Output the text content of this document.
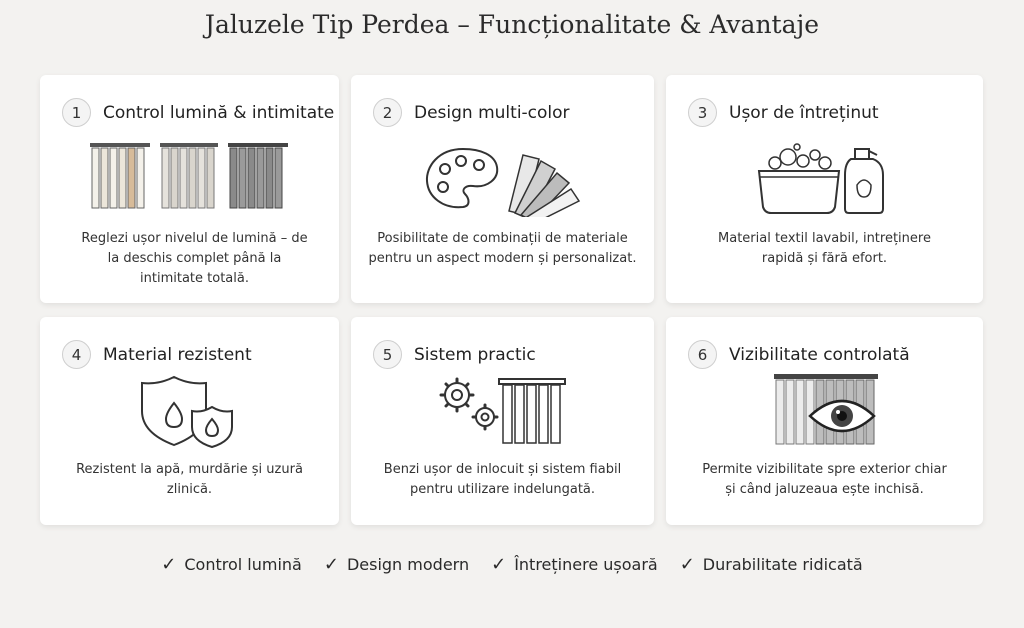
Jaluzele Tip Perdea – Funcționalitate & Avantaje
1	Control lumină & intimitate
Reglezi ușor nivelul de lumină – de la deschis complet până la intimitate totală.
2	Design multi-color
Posibilitate de combinații de materiale pentru un aspect modern și personalizat.
3	Ușor de întreținut
Material textil lavabil, intreținere rapidă și fără efort.
4	Material rezistent
Rezistent la apă, murdărie și uzură zlinică.
5	Sistem practic
Benzi ușor de inlocuit și sistem fiabil pentru utilizare indelungată.
6	Vizibilitate controlată
Permite vizibilitate spre exterior chiar și când jaluzeaua ește inchisă.
✓ Control lumină ✓ Design modern ✓ Întreținere ușoară ✓ Durabilitate ridicată
